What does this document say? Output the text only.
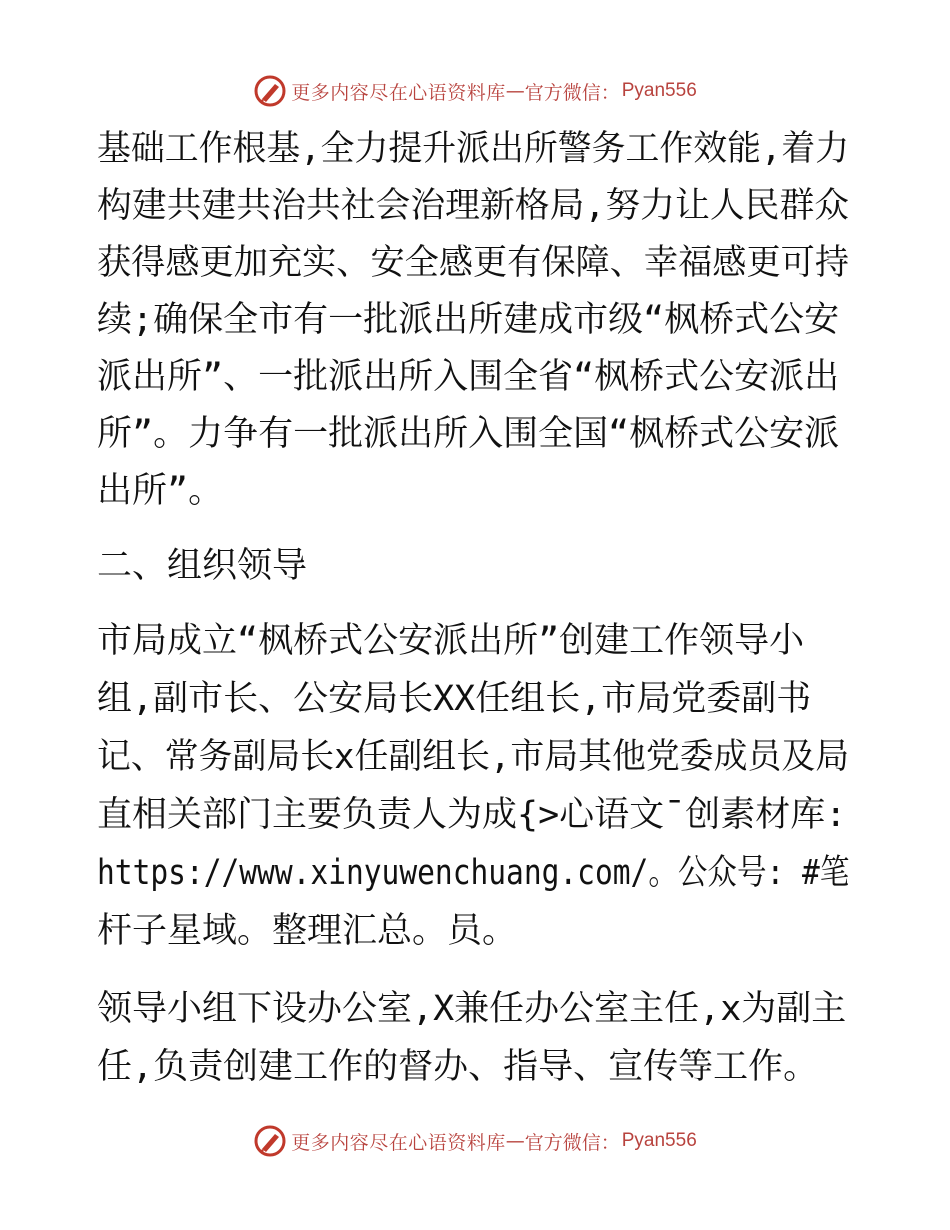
更多内容尽在心语资料库 — 官方微信： Pyan556
基础工作根基,全力提升派出所警务工作效能,着力
构建共建共治共社会治理新格局,努力让人民群众
获得感更加充实、安全感更有保障、幸福感更可持
续;确保全市有一批派出所建成市级“枫桥式公安
派出所”、一批派出所入围全省“枫桥式公安派出
所”。力争有一批派出所入围全国“枫桥式公安派
出所”。
二、组织领导
市局成立“枫桥式公安派出所”创建工作领导小
组,副市长、公安局长XX任组长,市局党委副书
记、常务副局长x任副组长,市局其他党委成员及局
直相关部门主要负责人为成{>心语文¯创素材库:
https://www.xinyuwenchuang.com/。公众号: #笔
杆子星域。整理汇总。员。
领导小组下设办公室,X兼任办公室主任,x为副主
任,负责创建工作的督办、指导、宣传等工作。
更多内容尽在心语资料库 — 官方微信： Pyan556
